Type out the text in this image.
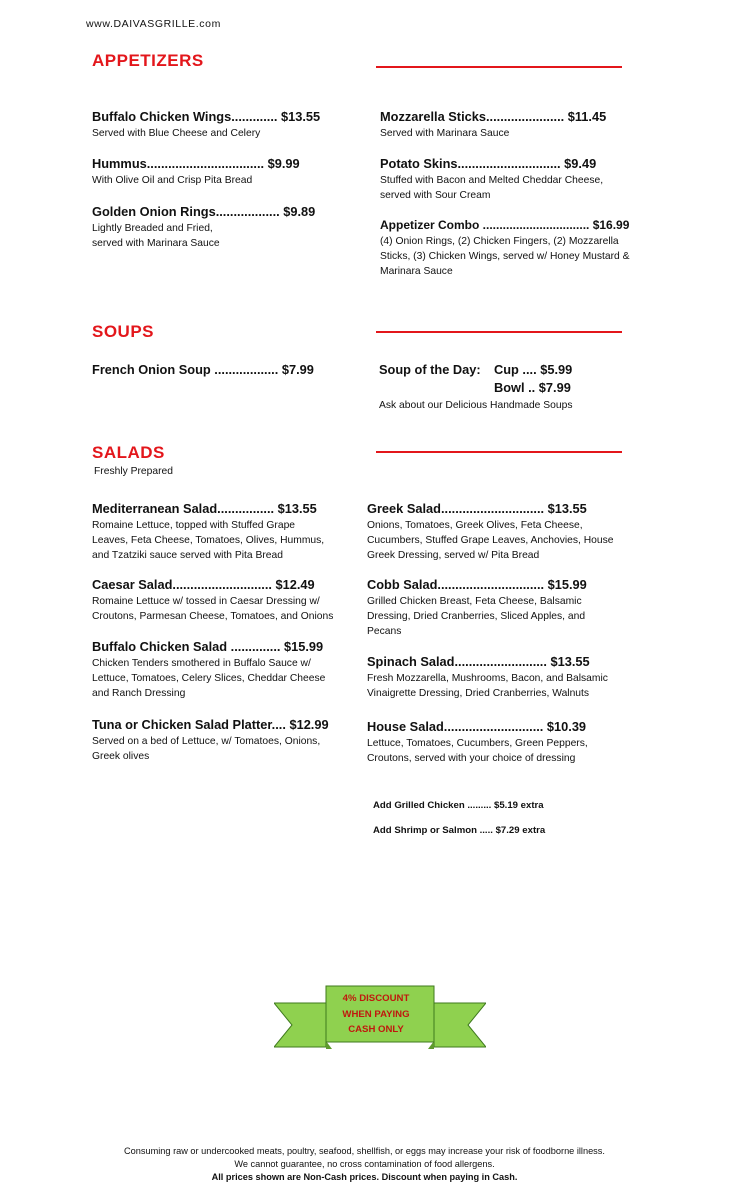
www.DAIVASGRILLE.com
APPETIZERS
Buffalo Chicken Wings............. $13.55
Served with Blue Cheese and Celery
Hummus................................. $9.99
With Olive Oil and Crisp Pita Bread
Golden Onion Rings.................. $9.89
Lightly Breaded and Fried,
served with Marinara Sauce
Mozzarella Sticks...................... $11.45
Served with Marinara Sauce
Potato Skins............................. $9.49
Stuffed with Bacon and Melted Cheddar Cheese,
served with Sour Cream
Appetizer Combo ................................ $16.99
(4) Onion Rings, (2) Chicken Fingers, (2) Mozzarella
Sticks, (3) Chicken Wings, served w/ Honey Mustard &
Marinara Sauce
SOUPS
French Onion Soup .................. $7.99	Soup of the Day: Cup .... $5.99
Bowl .. $7.99
Ask about our Delicious Handmade Soups
SALADS
Freshly Prepared
Mediterranean Salad................ $13.55
Romaine Lettuce, topped with Stuffed Grape
Leaves, Feta Cheese, Tomatoes, Olives, Hummus,
and Tzatziki sauce served with Pita Bread
Caesar Salad............................ $12.49
Romaine Lettuce w/ tossed in Caesar Dressing w/
Croutons, Parmesan Cheese, Tomatoes, and Onions
Buffalo Chicken Salad .............. $15.99
Chicken Tenders smothered in Buffalo Sauce w/
Lettuce, Tomatoes, Celery Slices, Cheddar Cheese
and Ranch Dressing
Tuna or Chicken Salad Platter.... $12.99
Served on a bed of Lettuce, w/ Tomatoes, Onions,
Greek olives
Greek Salad............................. $13.55
Onions, Tomatoes, Greek Olives, Feta Cheese,
Cucumbers, Stuffed Grape Leaves, Anchovies, House
Greek Dressing, served w/ Pita Bread
Cobb Salad.............................. $15.99
Grilled Chicken Breast, Feta Cheese, Balsamic
Dressing, Dried Cranberries, Sliced Apples, and
Pecans
Spinach Salad.......................... $13.55
Fresh Mozzarella, Mushrooms, Bacon, and Balsamic
Vinaigrette Dressing, Dried Cranberries, Walnuts
House Salad............................ $10.39
Lettuce, Tomatoes, Cucumbers, Green Peppers,
Croutons, served with your choice of dressing
Add Grilled Chicken ......... $5.19 extra
Add Shrimp or Salmon ..... $7.29 extra
4% DISCOUNT
WHEN PAYING
CASH ONLY
Consuming raw or undercooked meats, poultry, seafood, shellfish, or eggs may increase your risk of foodborne illness.
We cannot guarantee, no cross contamination of food allergens.
All prices shown are Non-Cash prices. Discount when paying in Cash.
